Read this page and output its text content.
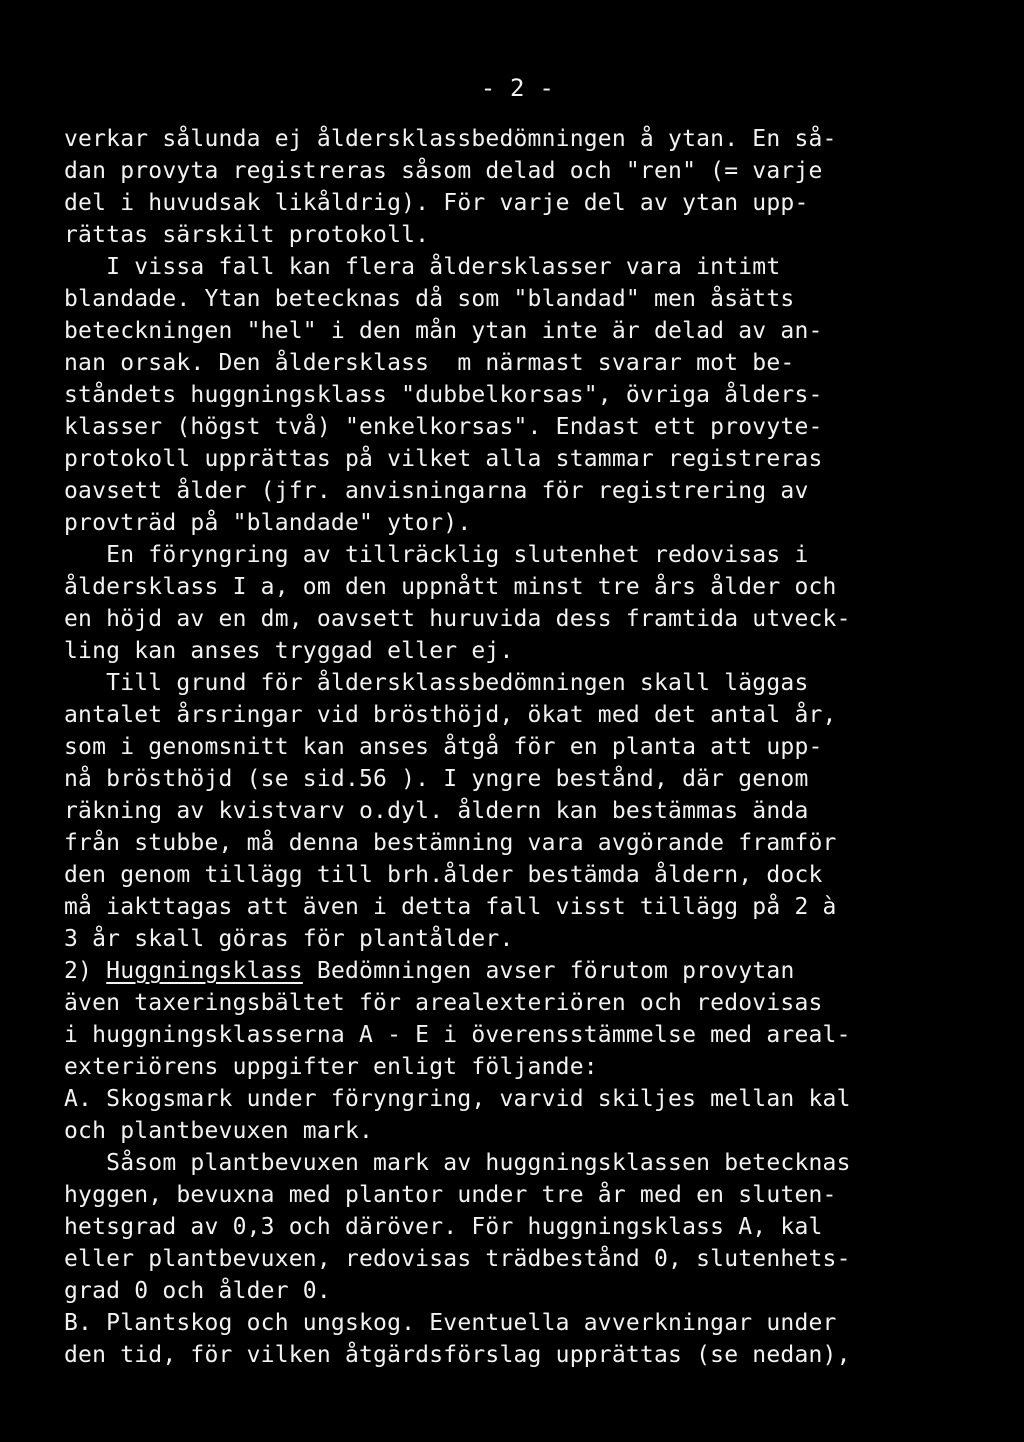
- 2 -
verkar sålunda ej åldersklassbedömningen å ytan. En så-
dan provyta registreras såsom delad och "ren" (= varje
del i huvudsak likåldrig). För varje del av ytan upp-
rättas särskilt protokoll.
I vissa fall kan flera åldersklasser vara intimt
blandade. Ytan betecknas då som "blandad" men åsätts
beteckningen "hel" i den mån ytan inte är delad av an-
nan orsak. Den åldersklass  m närmast svarar mot be-
ståndets huggningsklass "dubbelkorsas", övriga ålders-
klasser (högst två) "enkelkorsas". Endast ett provyte-
protokoll upprättas på vilket alla stammar registreras
oavsett ålder (jfr. anvisningarna för registrering av
provträd på "blandade" ytor).
En föryngring av tillräcklig slutenhet redovisas i
åldersklass I a, om den uppnått minst tre års ålder och
en höjd av en dm, oavsett huruvida dess framtida utveck-
ling kan anses tryggad eller ej.
Till grund för åldersklassbedömningen skall läggas
antalet årsringar vid brösthöjd, ökat med det antal år,
som i genomsnitt kan anses åtgå för en planta att upp-
nå brösthöjd (se sid.56 ). I yngre bestånd, där genom
räkning av kvistvarv o.dyl. åldern kan bestämmas ända
från stubbe, må denna bestämning vara avgörande framför
den genom tillägg till brh.ålder bestämda åldern, dock
må iakttagas att även i detta fall visst tillägg på 2 à
3 år skall göras för plantålder.
2) Huggningsklass Bedömningen avser förutom provytan
även taxeringsbältet för arealexteriören och redovisas
i huggningsklasserna A - E i överensstämmelse med areal-
exteriörens uppgifter enligt följande:
A. Skogsmark under föryngring, varvid skiljes mellan kal
och plantbevuxen mark.
Såsom plantbevuxen mark av huggningsklassen betecknas
hyggen, bevuxna med plantor under tre år med en sluten-
hetsgrad av 0,3 och däröver. För huggningsklass A, kal
eller plantbevuxen, redovisas trädbestånd 0, slutenhets-
grad 0 och ålder 0.
B. Plantskog och ungskog. Eventuella avverkningar under
den tid, för vilken åtgärdsförslag upprättas (se nedan),
